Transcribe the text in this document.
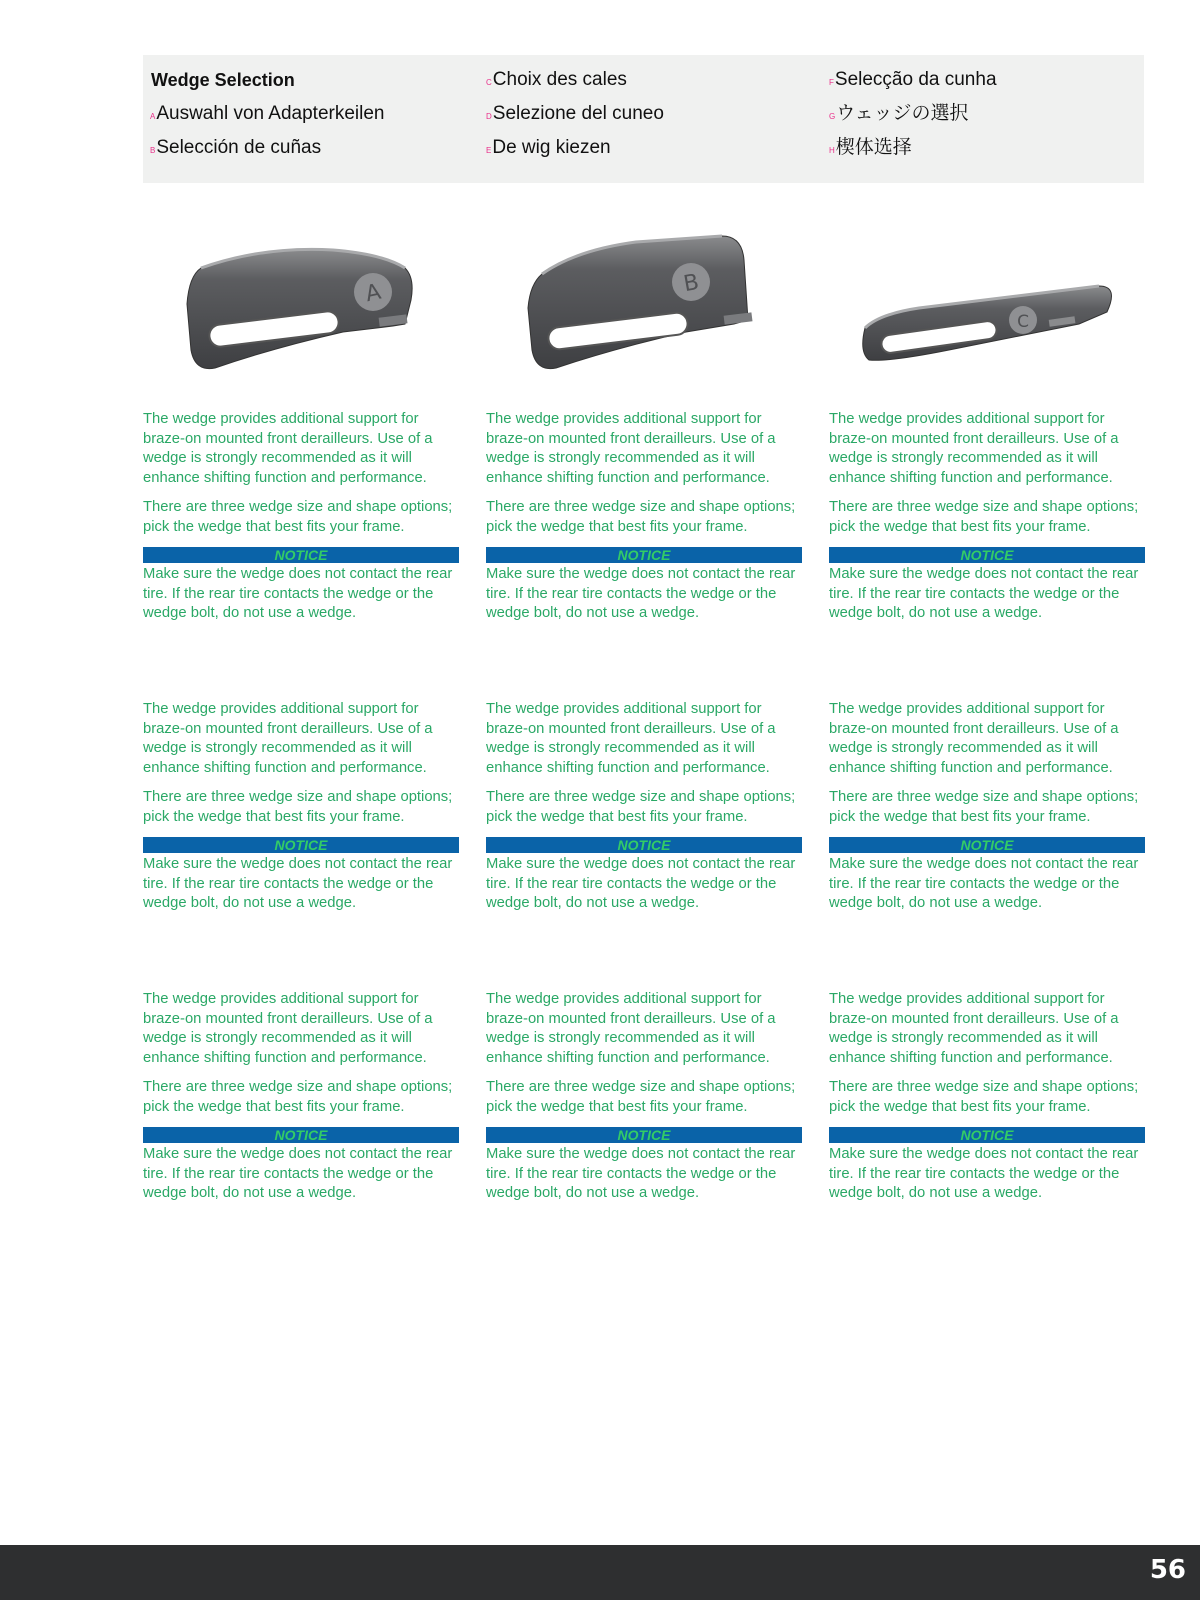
Wedge Selection
AAuswahl von Adapterkeilen
BSelección de cuñas
CChoix des cales
DSelezione del cuneo
EDe wig kiezen
FSelecção da cunha
Gウェッジの選択
H楔体选择
A	B
C

The wedge provides additional support for braze-on mounted front derailleurs. Use of a wedge is strongly recommended as it will enhance shifting function and performance.

There are three wedge size and shape options; pick the wedge that best fits your frame.

NOTICE

Make sure the wedge does not contact the rear tire. If the rear tire contacts the wedge or the wedge bolt, do not use a wedge.

The wedge provides additional support for braze-on mounted front derailleurs. Use of a wedge is strongly recommended as it will enhance shifting function and performance.

There are three wedge size and shape options; pick the wedge that best fits your frame.

NOTICE

Make sure the wedge does not contact the rear tire. If the rear tire contacts the wedge or the wedge bolt, do not use a wedge.

The wedge provides additional support for braze-on mounted front derailleurs. Use of a wedge is strongly recommended as it will enhance shifting function and performance.

There are three wedge size and shape options; pick the wedge that best fits your frame.

NOTICE

Make sure the wedge does not contact the rear tire. If the rear tire contacts the wedge or the wedge bolt, do not use a wedge.

The wedge provides additional support for braze-on mounted front derailleurs. Use of a wedge is strongly recommended as it will enhance shifting function and performance.

There are three wedge size and shape options; pick the wedge that best fits your frame.

NOTICE

Make sure the wedge does not contact the rear tire. If the rear tire contacts the wedge or the wedge bolt, do not use a wedge.

The wedge provides additional support for braze-on mounted front derailleurs. Use of a wedge is strongly recommended as it will enhance shifting function and performance.

There are three wedge size and shape options; pick the wedge that best fits your frame.

NOTICE

Make sure the wedge does not contact the rear tire. If the rear tire contacts the wedge or the wedge bolt, do not use a wedge.

The wedge provides additional support for braze-on mounted front derailleurs. Use of a wedge is strongly recommended as it will enhance shifting function and performance.

There are three wedge size and shape options; pick the wedge that best fits your frame.

NOTICE

Make sure the wedge does not contact the rear tire. If the rear tire contacts the wedge or the wedge bolt, do not use a wedge.

The wedge provides additional support for braze-on mounted front derailleurs. Use of a wedge is strongly recommended as it will enhance shifting function and performance.

There are three wedge size and shape options; pick the wedge that best fits your frame.

NOTICE

Make sure the wedge does not contact the rear tire. If the rear tire contacts the wedge or the wedge bolt, do not use a wedge.

The wedge provides additional support for braze-on mounted front derailleurs. Use of a wedge is strongly recommended as it will enhance shifting function and performance.

There are three wedge size and shape options; pick the wedge that best fits your frame.

NOTICE

Make sure the wedge does not contact the rear tire. If the rear tire contacts the wedge or the wedge bolt, do not use a wedge.

The wedge provides additional support for braze-on mounted front derailleurs. Use of a wedge is strongly recommended as it will enhance shifting function and performance.

There are three wedge size and shape options; pick the wedge that best fits your frame.

NOTICE

Make sure the wedge does not contact the rear tire. If the rear tire contacts the wedge or the wedge bolt, do not use a wedge.

56
